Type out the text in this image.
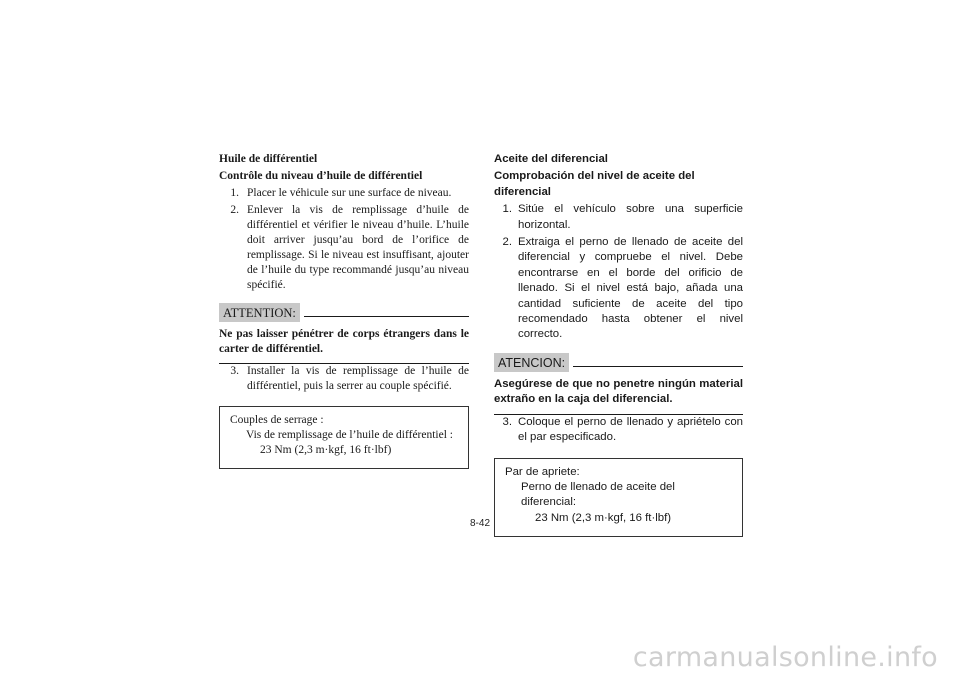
Huile de différentiel
Contrôle du niveau d’huile de différentiel
1. Placer le véhicule sur une surface de niveau.
2. Enlever la vis de remplissage d’huile de différentiel et vérifier le niveau d’huile. L’huile doit arriver jusqu’au bord de l’orifice de remplissage. Si le niveau est insuffisant, ajouter de l’huile du type recommandé jusqu’au niveau spécifié.
ATTENTION:
Ne pas laisser pénétrer de corps étrangers dans le carter de différentiel.
3. Installer la vis de remplissage de l’huile de différentiel, puis la serrer au couple spécifié.
Couples de serrage :
Vis de remplissage de l’huile de différentiel :
23 Nm (2,3 m·kgf, 16 ft·lbf)
Aceite del diferencial
Comprobación del nivel de aceite del diferencial
1. Sitúe el vehículo sobre una superficie horizontal.
2. Extraiga el perno de llenado de aceite del diferencial y compruebe el nivel. Debe encontrarse en el borde del orificio de llenado. Si el nivel está bajo, añada una cantidad suficiente de aceite del tipo recomendado hasta obtener el nivel correcto.
ATENCION:
Asegúrese de que no penetre ningún material extraño en la caja del diferencial.
3. Coloque el perno de llenado y apriételo con el par especificado.
Par de apriete:
Perno de llenado de aceite del diferencial:
23 Nm (2,3 m·kgf, 16 ft·lbf)
8-42
carmanualsonline.info
